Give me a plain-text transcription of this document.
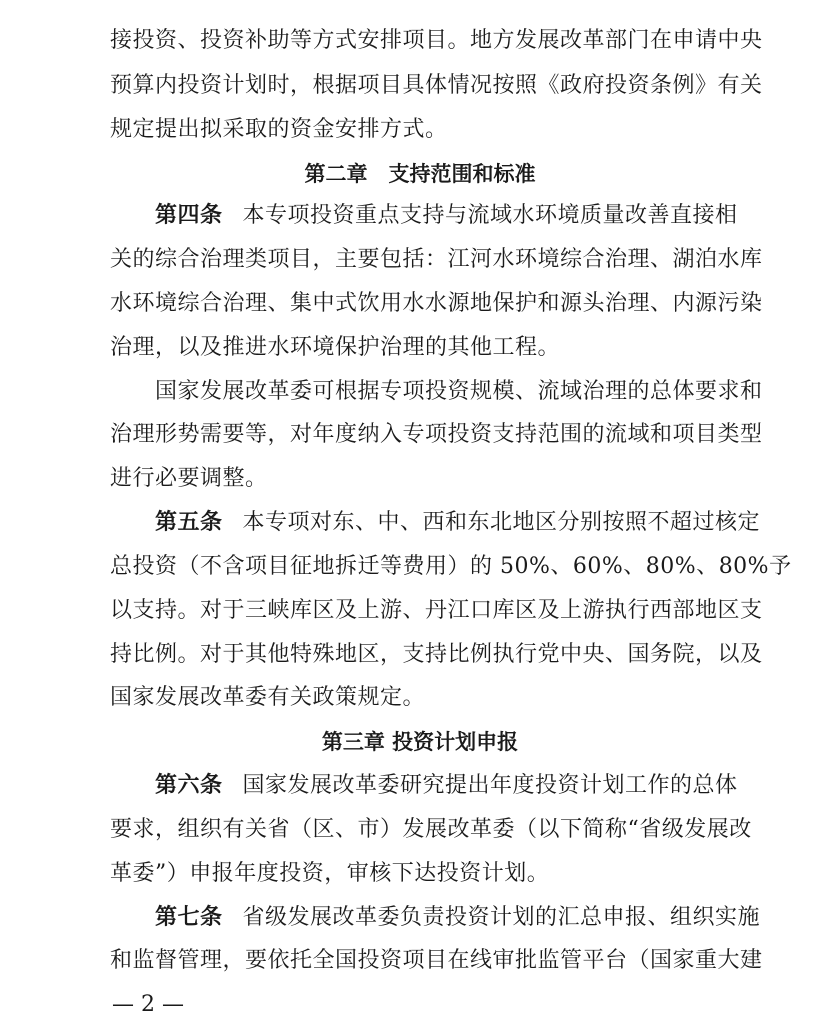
接投资、投资补助等方式安排项目。地方发展改革部门在申请中央
预算内投资计划时，根据项目具体情况按照《政府投资条例》有关
规定提出拟采取的资金安排方式。
第二章　支持范围和标准
第四条 本专项投资重点支持与流域水环境质量改善直接相
关的综合治理类项目，主要包括：江河水环境综合治理、湖泊水库
水环境综合治理、集中式饮用水水源地保护和源头治理、内源污染
治理，以及推进水环境保护治理的其他工程。
国家发展改革委可根据专项投资规模、流域治理的总体要求和
治理形势需要等，对年度纳入专项投资支持范围的流域和项目类型
进行必要调整。
第五条 本专项对东、中、西和东北地区分别按照不超过核定
总投资（不含项目征地拆迁等费用）的 50%、60%、80%、80%予
以支持。对于三峡库区及上游、丹江口库区及上游执行西部地区支
持比例。对于其他特殊地区，支持比例执行党中央、国务院，以及
国家发展改革委有关政策规定。
第三章 投资计划申报
第六条 国家发展改革委研究提出年度投资计划工作的总体
要求，组织有关省（区、市）发展改革委（以下简称“省级发展改
革委”）申报年度投资，审核下达投资计划。
第七条 省级发展改革委负责投资计划的汇总申报、组织实施
和监督管理，要依托全国投资项目在线审批监管平台（国家重大建
— 2 —
